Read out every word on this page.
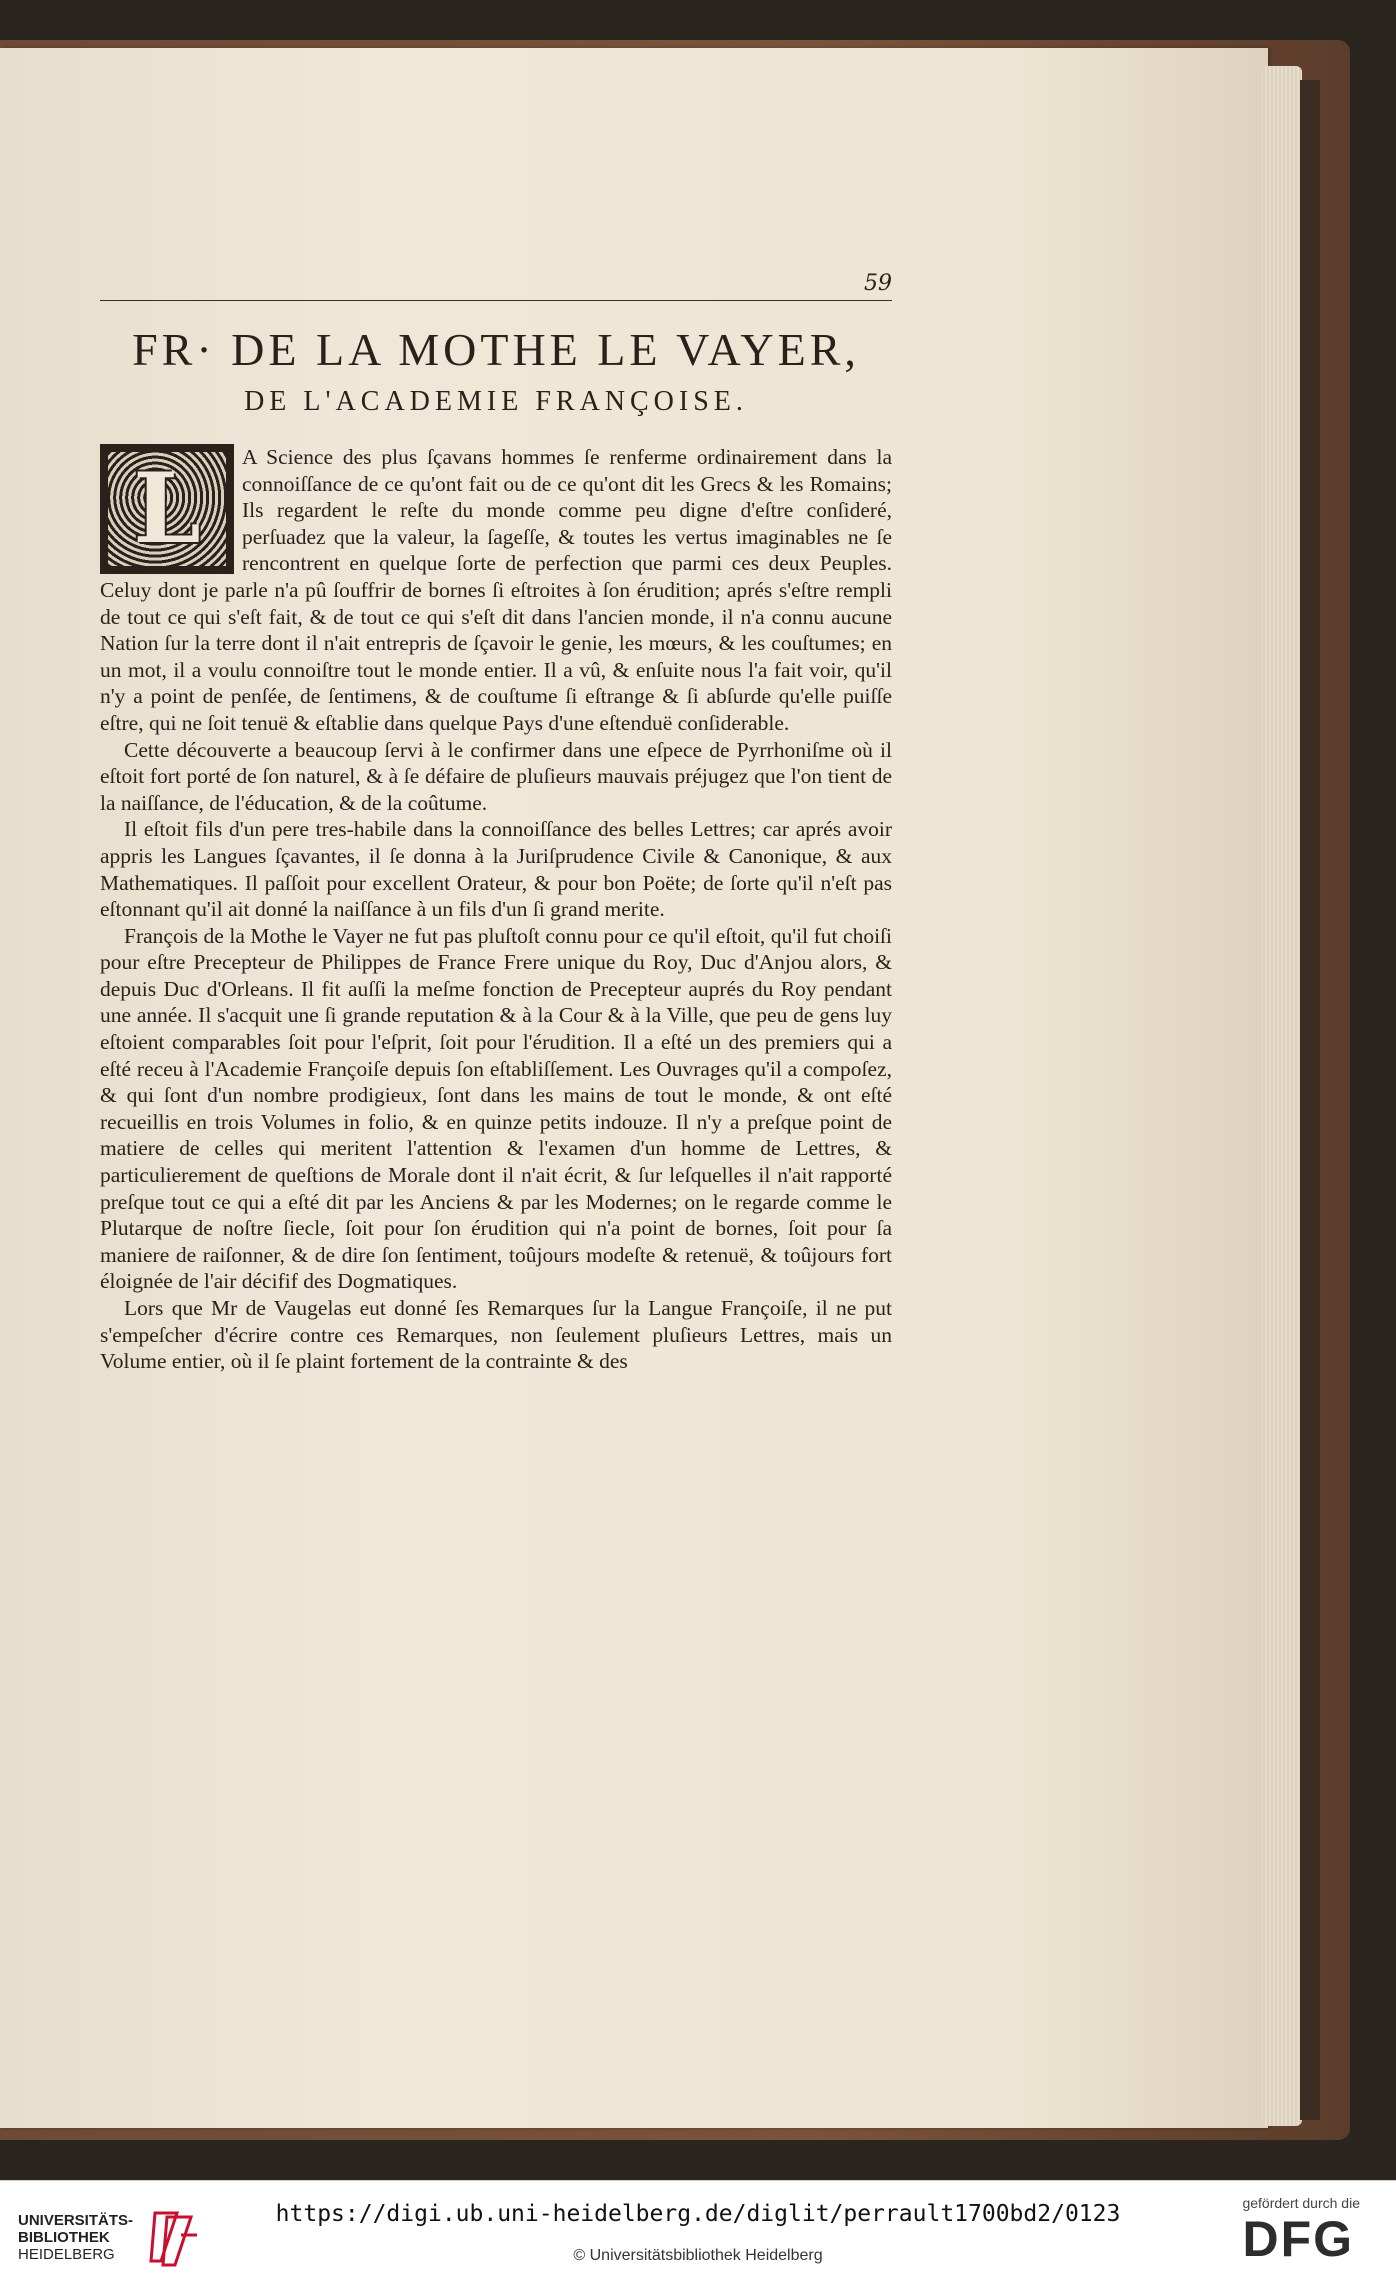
59
FR· DE LA MOTHE LE VAYER,
DE L'ACADEMIE FRANÇOISE.
L	A Science des plus ſçavans hommes ſe renferme ordinairement dans la connoiſſance de ce qu'ont fait ou de ce qu'ont dit les Grecs & les Romains; Ils regardent le reſte du monde comme peu digne d'eſtre conſideré, perſuadez que la valeur, la ſageſſe, & toutes les vertus imaginables ne ſe rencontrent en quelque ſorte de perfection que parmi ces deux Peuples. Celuy dont je parle n'a pû ſouffrir de bornes ſi eſtroites à ſon érudition; aprés s'eſtre rempli de tout ce qui s'eſt fait, & de tout ce qui s'eſt dit dans l'ancien monde, il n'a connu aucune Nation ſur la terre dont il n'ait entrepris de ſçavoir le genie, les mœurs, & les couſtumes; en un mot, il a voulu connoiſtre tout le monde entier. Il a vû, & enſuite nous l'a fait voir, qu'il n'y a point de penſée, de ſentimens, & de couſtume ſi eſtrange & ſi abſurde qu'elle puiſſe eſtre, qui ne ſoit tenuë & eſtablie dans quelque Pays d'une eſtenduë conſiderable.

Cette découverte a beaucoup ſervi à le confirmer dans une eſpece de Pyrrhoniſme où il eſtoit fort porté de ſon naturel, & à ſe défaire de pluſieurs mauvais préjugez que l'on tient de la naiſſance, de l'éducation, & de la coûtume.

Il eſtoit fils d'un pere tres-habile dans la connoiſſance des belles Lettres; car aprés avoir appris les Langues ſçavantes, il ſe donna à la Juriſprudence Civile & Canonique, & aux Mathematiques. Il paſſoit pour excellent Orateur, & pour bon Poëte; de ſorte qu'il n'eſt pas eſtonnant qu'il ait donné la naiſſance à un fils d'un ſi grand merite.

François de la Mothe le Vayer ne fut pas pluſtoſt connu pour ce qu'il eſtoit, qu'il fut choiſi pour eſtre Precepteur de Philippes de France Frere unique du Roy, Duc d'Anjou alors, & depuis Duc d'Orleans. Il fit auſſi la meſme fonction de Precepteur auprés du Roy pendant une année. Il s'acquit une ſi grande reputation & à la Cour & à la Ville, que peu de gens luy eſtoient comparables ſoit pour l'eſprit, ſoit pour l'érudition. Il a eſté un des premiers qui a eſté receu à l'Academie Françoiſe depuis ſon eſtabliſſement. Les Ouvrages qu'il a compoſez, & qui ſont d'un nombre prodigieux, ſont dans les mains de tout le monde, & ont eſté recueillis en trois Volumes in folio, & en quinze petits indouze. Il n'y a preſque point de matiere de celles qui meritent l'attention & l'examen d'un homme de Lettres, & particulierement de queſtions de Morale dont il n'ait écrit, & ſur leſquelles il n'ait rapporté preſque tout ce qui a eſté dit par les Anciens & par les Modernes; on le regarde comme le Plutarque de noſtre ſiecle, ſoit pour ſon érudition qui n'a point de bornes, ſoit pour ſa maniere de raiſonner, & de dire ſon ſentiment, toûjours modeſte & retenuë, & toûjours fort éloignée de l'air décifif des Dogmatiques.

Lors que Mr de Vaugelas eut donné ſes Remarques ſur la Langue Françoiſe, il ne put s'empeſcher d'écrire contre ces Remarques, non ſeulement pluſieurs Lettres, mais un Volume entier, où il ſe plaint fortement de la contrainte & des

UNIVERSITÄTS-
BIBLIOTHEK
HEIDELBERG
https://digi.ub.uni-heidelberg.de/diglit/perrault1700bd2/0123
© Universitätsbibliothek Heidelberg
gefördert durch die
DFG
